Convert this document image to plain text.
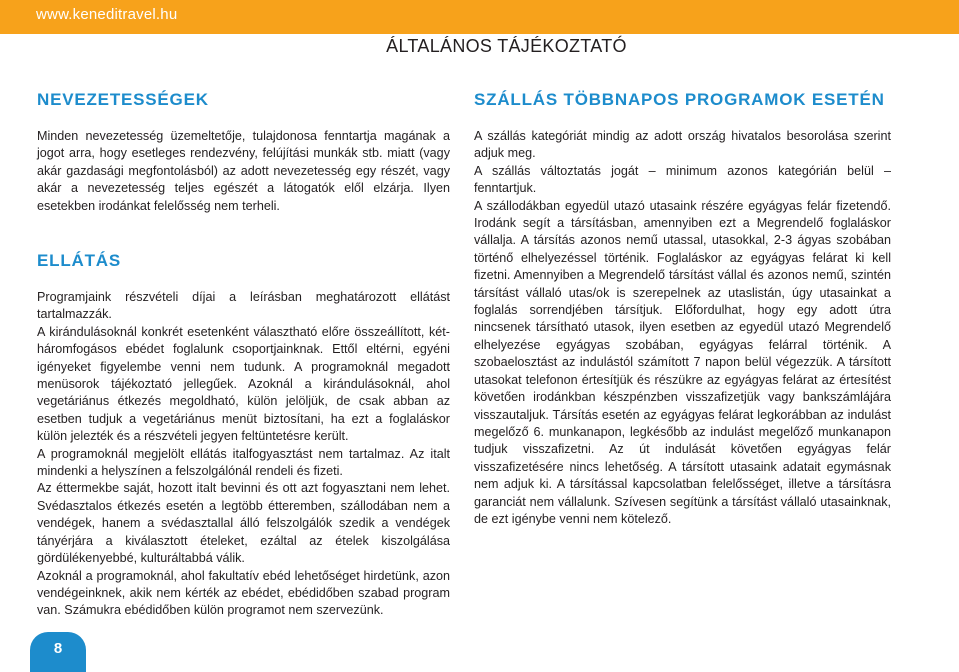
www.keneditravel.hu
ÁLTALÁNOS TÁJÉKOZTATÓ
NEVEZETESSÉGEK

Minden nevezetesség üzemeltetője, tulajdonosa fenntartja magának a jogot arra, hogy esetleges rendezvény, felújítási munkák stb. miatt (vagy akár gazdasági megfontolásból) az adott nevezetesség egy részét, vagy akár a nevezetesség teljes egészét a látogatók elől elzárja. Ilyen esetekben irodánkat felelősség nem terheli.

ELLÁTÁS

Programjaink részvételi díjai a leírásban meghatározott ellátást tartalmazzák.

A kirándulásoknál konkrét esetenként választható előre összeállított, két-háromfogásos ebédet foglalunk csoportjainknak. Ettől eltérni, egyéni igényeket figyelembe venni nem tudunk. A programoknál megadott menüsorok tájékoztató jellegűek. Azoknál a kirándulásoknál, ahol vegetáriánus étkezés megoldható, külön jelöljük, de csak abban az esetben tudjuk a vegetáriánus menüt biztosítani, ha ezt a foglaláskor külön jelezték és a részvételi jegyen feltüntetésre került.

A programoknál megjelölt ellátás italfogyasztást nem tartalmaz. Az italt mindenki a helyszínen a felszolgálónál rendeli és fizeti.

Az éttermekbe saját, hozott italt bevinni és ott azt fogyasztani nem lehet. Svédasztalos étkezés esetén a legtöbb étteremben, szállodában nem a vendégek, hanem a svédasztallal álló felszolgálók szedik a vendégek tányérjára a kiválasztott ételeket, ezáltal az ételek kiszolgálása gördülékenyebbé, kulturáltabbá válik.

Azoknál a programoknál, ahol fakultatív ebéd lehetőséget hirdetünk, azon vendégeinknek, akik nem kérték az ebédet, ebédidőben szabad program van. Számukra ebédidőben külön programot nem szervezünk.

SZÁLLÁS TÖBBNAPOS PROGRAMOK ESETÉN

A szállás kategóriát mindig az adott ország hivatalos besorolása szerint adjuk meg.

A szállás változtatás jogát – minimum azonos kategórián belül – fenntartjuk.

A szállodákban egyedül utazó utasaink részére egyágyas felár fizetendő. Irodánk segít a társításban, amennyiben ezt a Megrendelő foglaláskor vállalja. A társítás azonos nemű utassal, utasokkal, 2-3 ágyas szobában történő elhelyezéssel történik. Foglaláskor az egyágyas felárat ki kell fizetni. Amennyiben a Megrendelő társítást vállal és azonos nemű, szintén társítást vállaló utas/ok is szerepelnek az utaslistán, úgy utasainkat a foglalás sorrendjében társítjuk. Előfordulhat, hogy egy adott útra nincsenek társítható utasok, ilyen esetben az egyedül utazó Megrendelő elhelyezése egyágyas szobában, egyágyas felárral történik. A szobaelosztást az indulástól számított 7 napon belül végezzük. A társított utasokat telefonon értesítjük és részükre az egyágyas felárat az értesítést követően irodánkban készpénzben visszafizetjük vagy bankszámlájára visszautaljuk. Társítás esetén az egyágyas felárat legkorábban az indulást megelőző 6. munkanapon, legkésőbb az indulást megelőző munkanapon tudjuk visszafizetni. Az út indulását követően egyágyas felár visszafizetésére nincs lehetőség. A társított utasaink adatait egymásnak nem adjuk ki. A társítással kapcsolatban felelősséget, illetve a társításra garanciát nem vállalunk. Szívesen segítünk a társítást vállaló utasainknak, de ezt igénybe venni nem kötelező.

8
